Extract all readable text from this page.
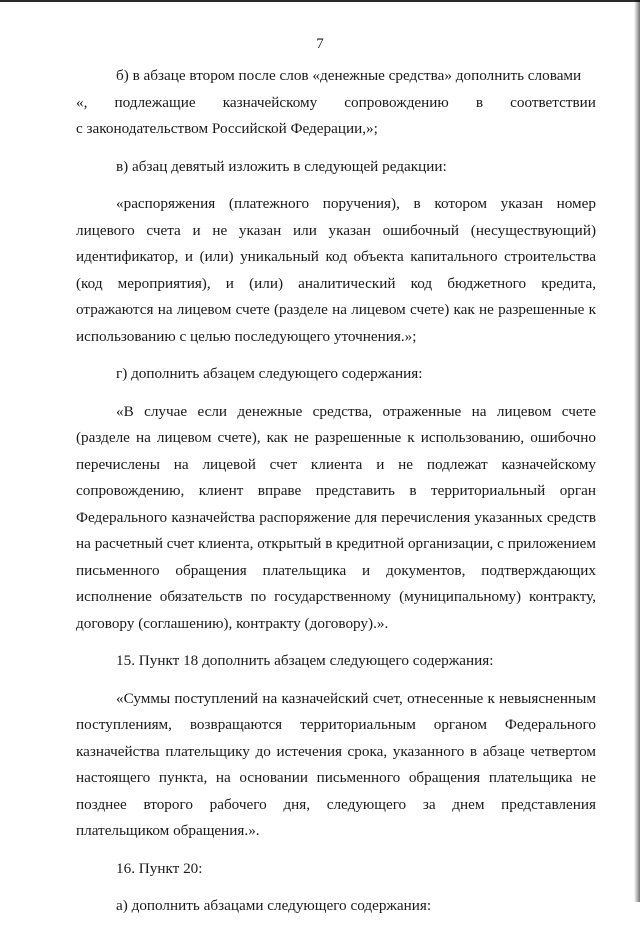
7
б) в абзаце втором после слов «денежные средства» дополнить словами
«, подлежащие казначейскому сопровождению в соответствии

с законодательством Российской Федерации,»;

в) абзац девятый изложить в следующей редакции:

«распоряжения (платежного поручения), в котором указан номер лицевого счета и не указан или указан ошибочный (несуществующий) идентификатор, и (или) уникальный код объекта капитального строительства (код мероприятия), и (или) аналитический код бюджетного кредита, отражаются на лицевом счете (разделе на лицевом счете) как не разрешенные к использованию с целью последующего уточнения.»;

г) дополнить абзацем следующего содержания:

«В случае если денежные средства, отраженные на лицевом счете (разделе на лицевом счете), как не разрешенные к использованию, ошибочно перечислены на лицевой счет клиента и не подлежат казначейскому сопровождению, клиент вправе представить в территориальный орган Федерального казначейства распоряжение для перечисления указанных средств на расчетный счет клиента, открытый в кредитной организации, с приложением письменного обращения плательщика и документов, подтверждающих исполнение обязательств по государственному (муниципальному) контракту, договору (соглашению), контракту (договору).».

15. Пункт 18 дополнить абзацем следующего содержания:

«Суммы поступлений на казначейский счет, отнесенные к невыясненным поступлениям, возвращаются территориальным органом Федерального казначейства плательщику до истечения срока, указанного в абзаце четвертом настоящего пункта, на основании письменного обращения плательщика не позднее второго рабочего дня, следующего за днем представления плательщиком обращения.».

16. Пункт 20:

а) дополнить абзацами следующего содержания:
